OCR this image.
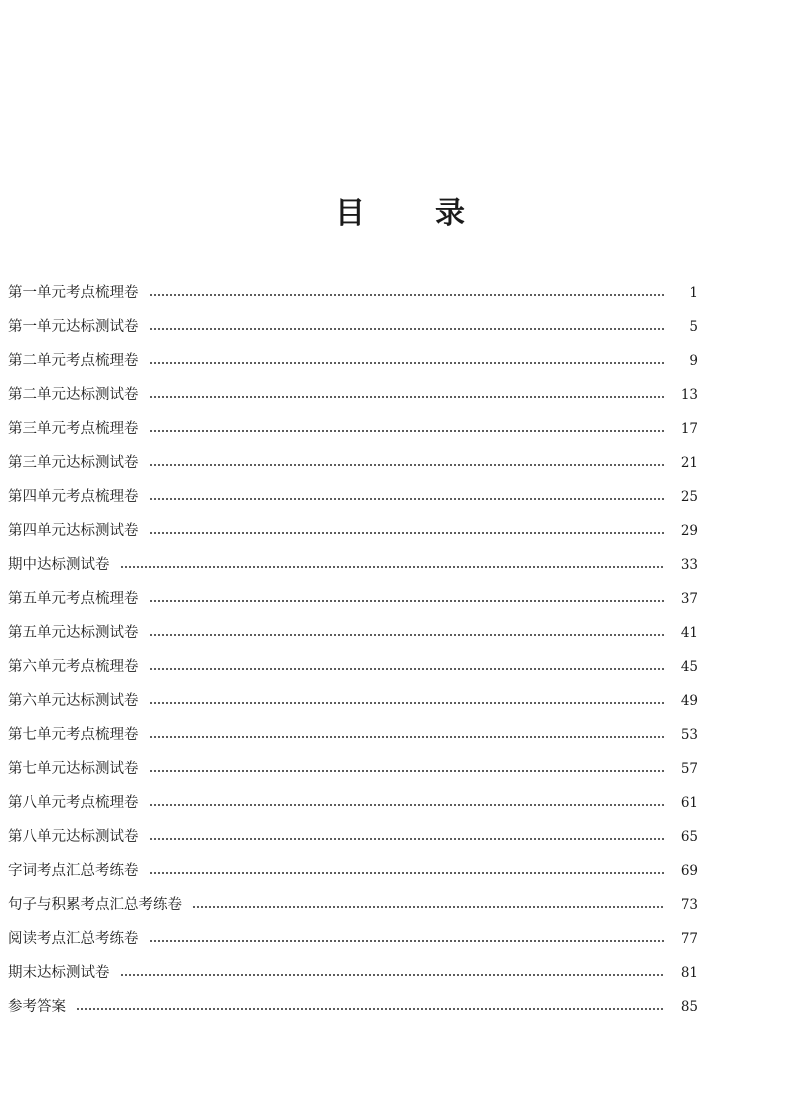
目 录
第一单元考点梳理卷	1
第一单元达标测试卷	5
第二单元考点梳理卷	9
第二单元达标测试卷	13
第三单元考点梳理卷	17
第三单元达标测试卷	21
第四单元考点梳理卷	25
第四单元达标测试卷	29
期中达标测试卷	33
第五单元考点梳理卷	37
第五单元达标测试卷	41
第六单元考点梳理卷	45
第六单元达标测试卷	49
第七单元考点梳理卷	53
第七单元达标测试卷	57
第八单元考点梳理卷	61
第八单元达标测试卷	65
字词考点汇总考练卷	69
句子与积累考点汇总考练卷	73
阅读考点汇总考练卷	77
期末达标测试卷	81
参考答案	85
